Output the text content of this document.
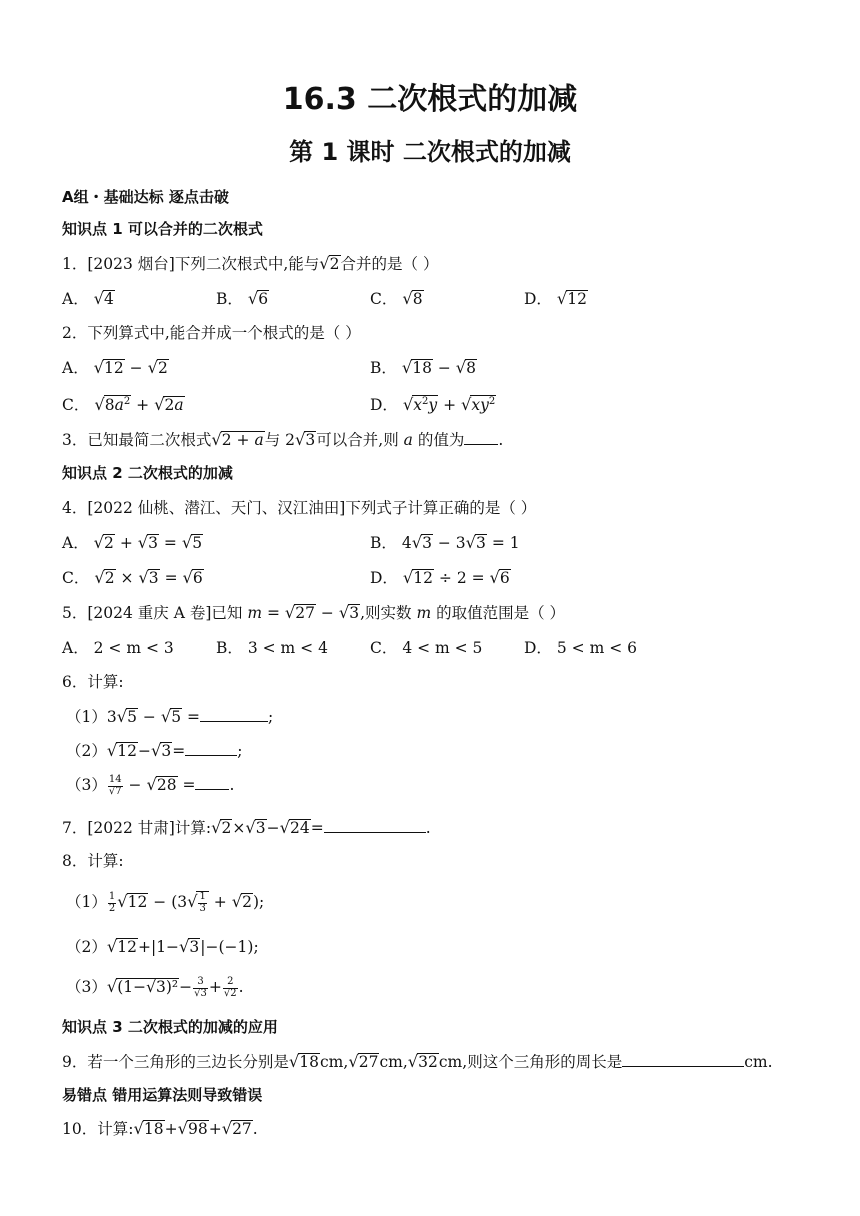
16.3 二次根式的加减
第 1 课时 二次根式的加减
A组・基础达标 逐点击破
知识点 1 可以合并的二次根式
1．[2023 烟台]下列二次根式中,能与√2合并的是（ ）
A． √4	B． √6	C． √8	D． √12
2．下列算式中,能合并成一个根式的是（ ）
A． √12 − √2	B． √18 − √8
C． $√8a^2 + √2a$	D． $√x^2y + √xy^2$
3．已知最简二次根式√2 + a与 2√3可以合并,则 a 的值为 .
知识点 2 二次根式的加减
4．[2022 仙桃、潜江、天门、汉江油田]下列式子计算正确的是（ ）
A． √2 + √3 = √5	B． 4√3 − 3√3 = 1
C． √2 × √3 = √6	D． √12 ÷ 2 = √6
5．[2024 重庆 A 卷]已知 m = √27 − √3,则实数 m 的取值范围是（ ）
A． 2 < m < 3	B． 3 < m < 4	C． 4 < m < 5	D． 5 < m < 6
6．计算:
（1）3√5 − √5 =	;
（2）√12−√3=	;
$(3) \frac{14}{√7} - √28$ = .
7．[2022 甘肃]计算:√2×√3−√24=	.
8．计算:
$(1) \frac{1}{2} √12 - (3√ \frac{1}{3} + √2)$;
（2）√12+|1−√3|−(−1);
$(3)√(1-√3)^2- \frac{3}{√3} + \frac{2}{√2}$ .
知识点 3 二次根式的加减的应用
9．若一个三角形的三边长分别是√18cm,√27cm,√32cm,则这个三角形的周长是	cm.
易错点 错用运算法则导致错误
10．计算:√18+√98+√27.
